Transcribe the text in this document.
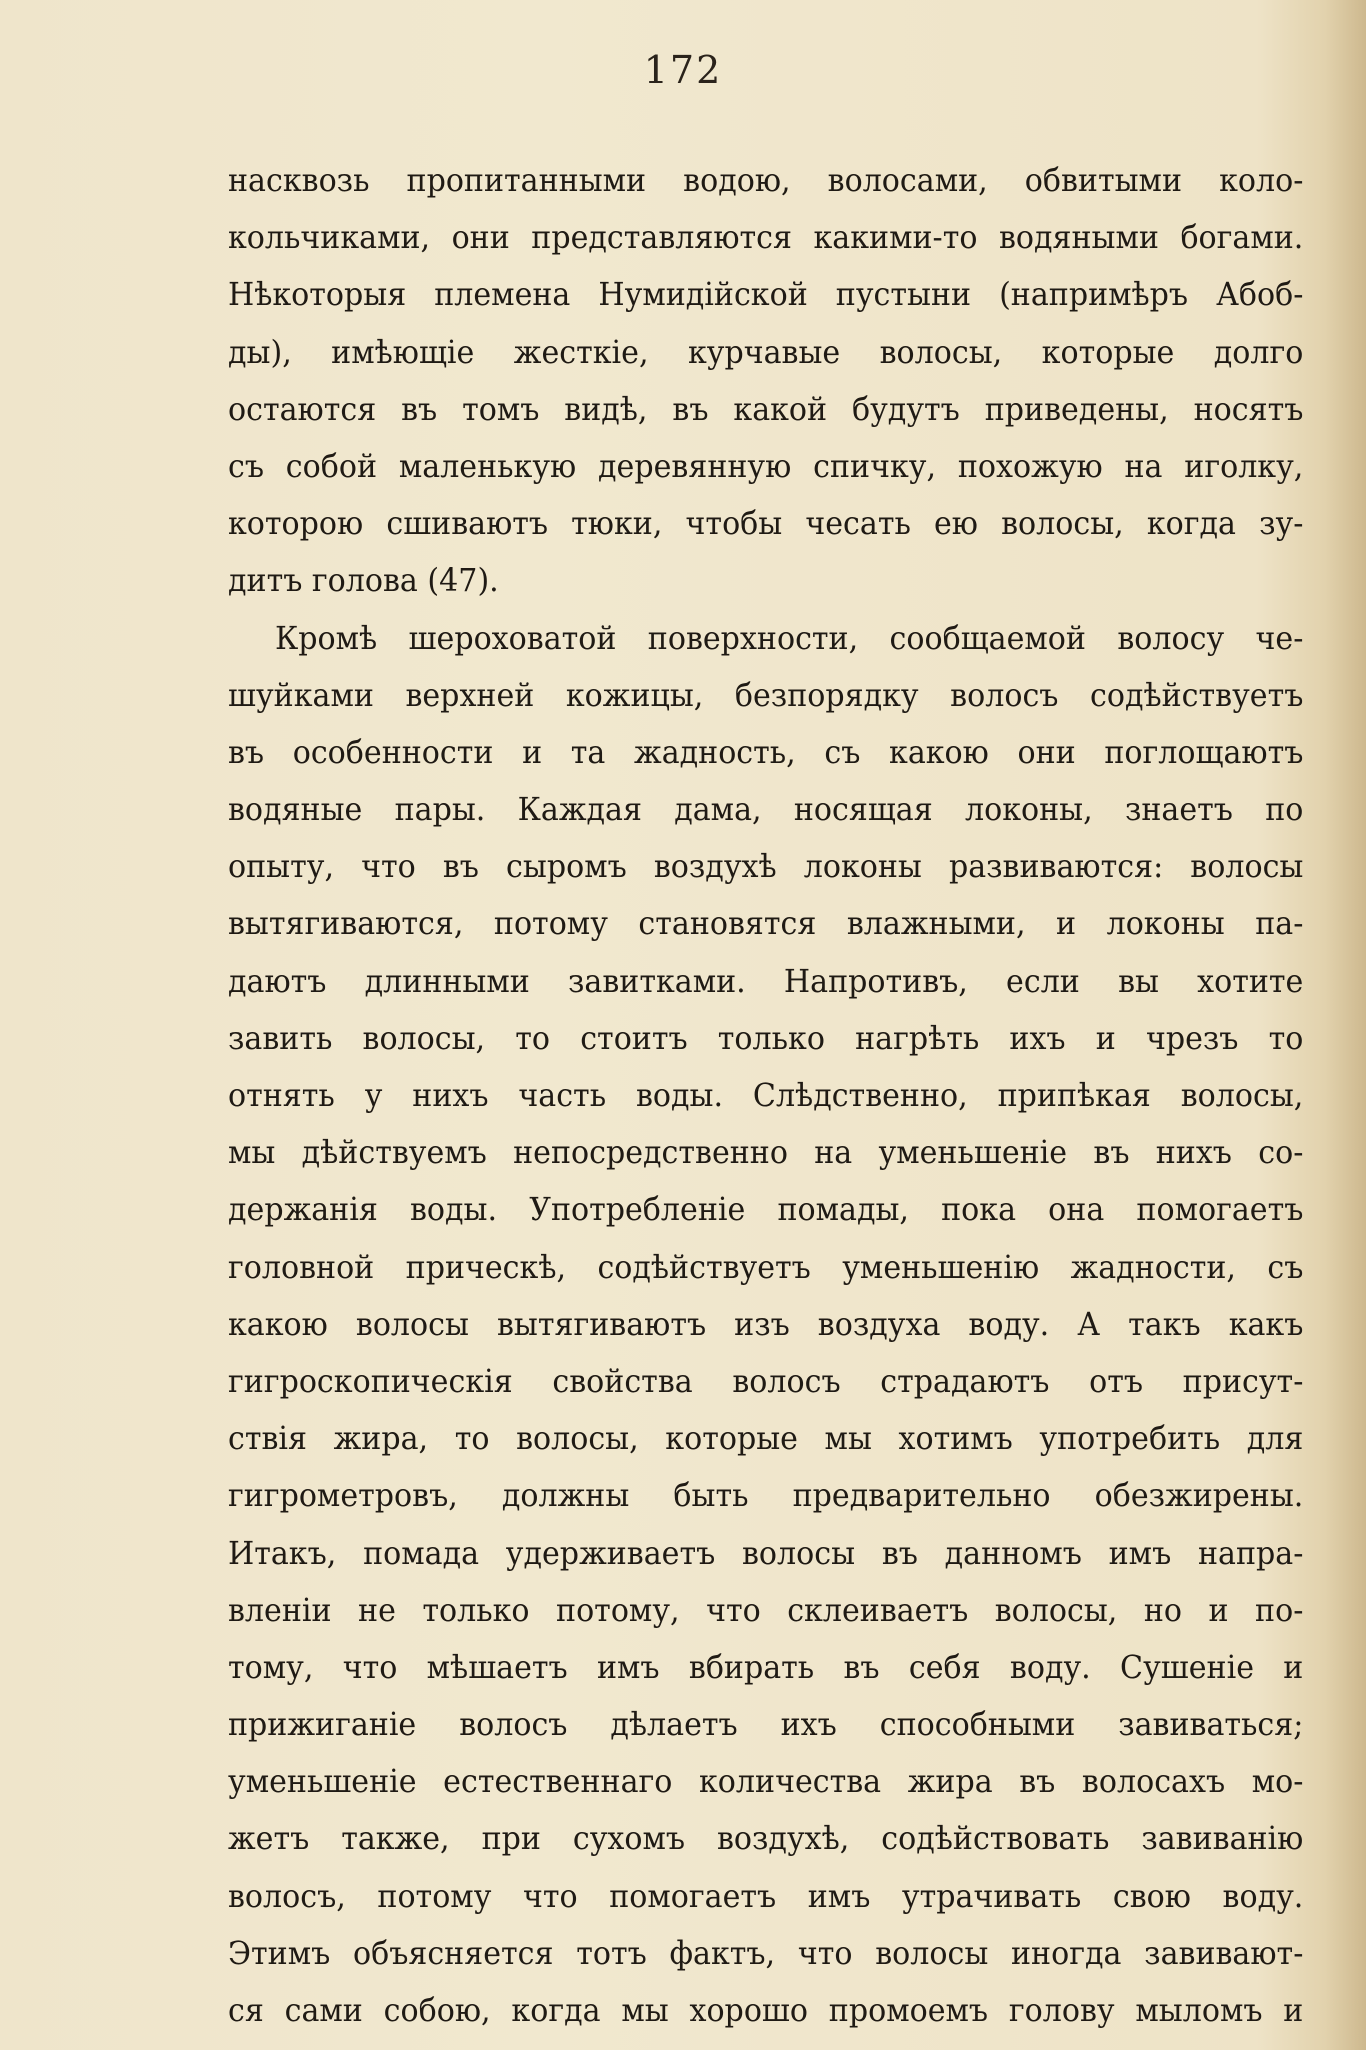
172
насквозь пропитанными водою, волосами, обвитыми коло-
кольчиками, они представляются какими-то водяными богами.
Нѣкоторыя племена Нумидійской пустыни (напримѣръ Абоб-
ды), имѣющіе жесткіе, курчавые волосы, которые долго
остаются въ томъ видѣ, въ какой будутъ приведены, носятъ
съ собой маленькую деревянную спичку, похожую на иголку,
которою сшиваютъ тюки, чтобы чесать ею волосы, когда зу-
дитъ голова (47).
Кромѣ шероховатой поверхности, сообщаемой волосу че-
шуйками верхней кожицы, безпорядку волосъ содѣйствуетъ
въ особенности и та жадность, съ какою они поглощаютъ
водяные пары. Каждая дама, носящая локоны, знаетъ по
опыту, что въ сыромъ воздухѣ локоны развиваются: волосы
вытягиваются, потому становятся влажными, и локоны па-
даютъ длинными завитками. Напротивъ, если вы хотите
завить волосы, то стоитъ только нагрѣть ихъ и чрезъ то
отнять у нихъ часть воды. Слѣдственно, припѣкая волосы,
мы дѣйствуемъ непосредственно на уменьшеніе въ нихъ со-
держанія воды. Употребленіе помады, пока она помогаетъ
головной прическѣ, содѣйствуетъ уменьшенію жадности, съ
какою волосы вытягиваютъ изъ воздуха воду. А такъ какъ
гигроскопическія свойства волосъ страдаютъ отъ присут-
ствія жира, то волосы, которые мы хотимъ употребить для
гигрометровъ, должны быть предварительно обезжирены.
Итакъ, помада удерживаетъ волосы въ данномъ имъ напра-
вленіи не только потому, что склеиваетъ волосы, но и по-
тому, что мѣшаетъ имъ вбирать въ себя воду. Сушеніе и
прижиганіе волосъ дѣлаетъ ихъ способными завиваться;
уменьшеніе естественнаго количества жира въ волосахъ мо-
жетъ также, при сухомъ воздухѣ, содѣйствовать завиванію
волосъ, потому что помогаетъ имъ утрачивать свою воду.
Этимъ объясняется тотъ фактъ, что волосы иногда завивают-
ся сами собою, когда мы хорошо промоемъ голову мыломъ и
